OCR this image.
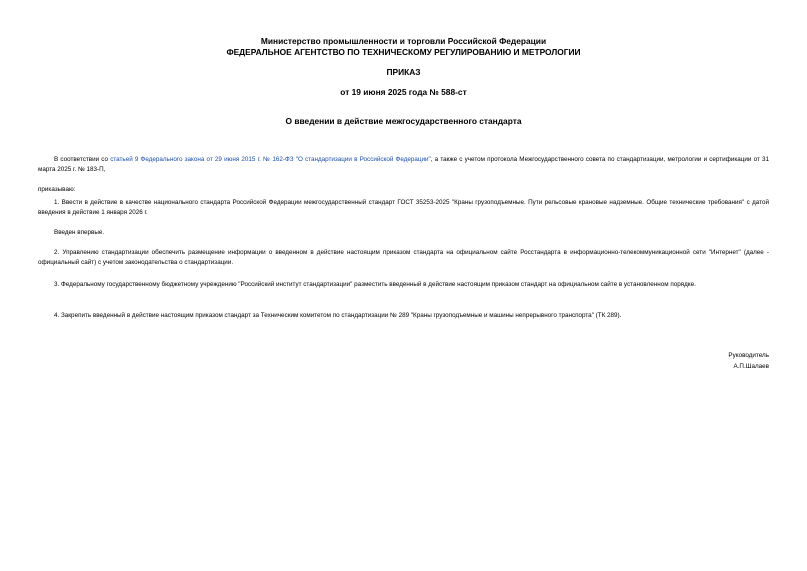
Министерство промышленности и торговли Российской Федерации
ФЕДЕРАЛЬНОЕ АГЕНТСТВО ПО ТЕХНИЧЕСКОМУ РЕГУЛИРОВАНИЮ И МЕТРОЛОГИИ
ПРИКАЗ
от 19 июня 2025 года № 588-ст
О введении в действие межгосударственного стандарта
В соответствии со статьей 9 Федерального закона от 29 июня 2015 г. № 162-ФЗ "О стандартизации в Российской Федерации", а также с учетом протокола Межгосударственного совета по стандартизации, метрологии и сертификации от 31 марта 2025 г. № 183-П,
приказываю:
1. Ввести в действие в качестве национального стандарта Российской Федерации межгосударственный стандарт ГОСТ 35253-2025 "Краны грузоподъемные. Пути рельсовые крановые надземные. Общие технические требования" с датой введения в действие 1 января 2026 г.
Введен впервые.
2. Управлению стандартизации обеспечить размещение информации о введенном в действие настоящим приказом стандарта на официальном сайте Росстандарта в информационно-телекоммуникационной сети "Интернет" (далее - официальный сайт) с учетом законодательства о стандартизации.
3. Федеральному государственному бюджетному учреждению "Российский институт стандартизации" разместить введенный в действие настоящим приказом стандарт на официальном сайте в установленном порядке.
4. Закрепить введенный в действие настоящим приказом стандарт за Техническим комитетом по стандартизации № 289 "Краны грузоподъемные и машины непрерывного транспорта" (ТК 289).
Руководитель
А.П.Шалаев
